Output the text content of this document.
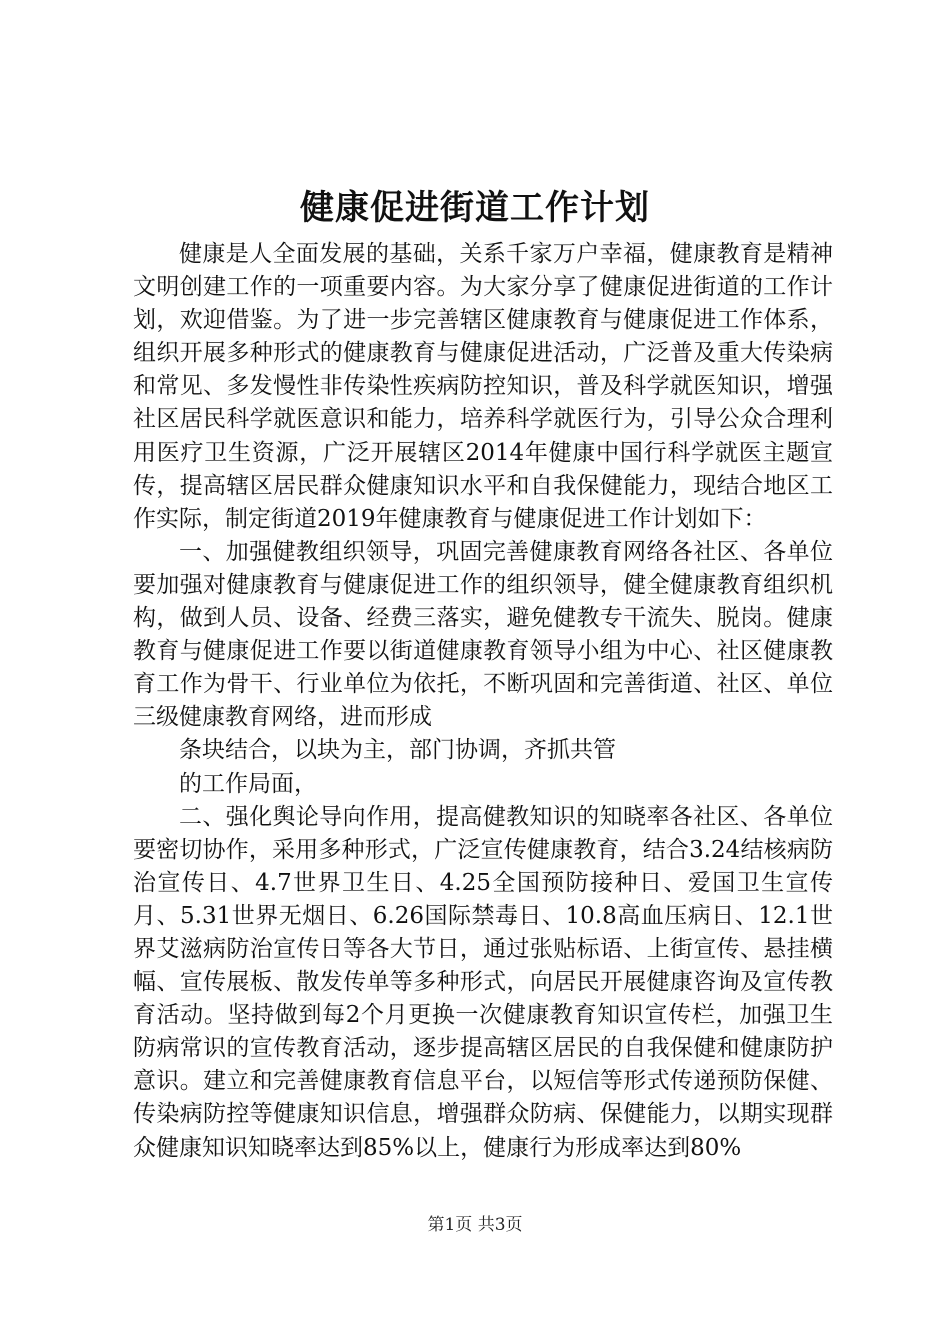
健康促进街道工作计划

健康是人全面发展的基础，关系千家万户幸福，健康教育是精神文明创建工作的一项重要内容。为大家分享了健康促进街道的工作计划，欢迎借鉴。为了进一步完善辖区健康教育与健康促进工作体系，组织开展多种形式的健康教育与健康促进活动，广泛普及重大传染病和常见、多发慢性非传染性疾病防控知识，普及科学就医知识，增强社区居民科学就医意识和能力，培养科学就医行为，引导公众合理利用医疗卫生资源，广泛开展辖区2014年健康中国行科学就医主题宣传，提高辖区居民群众健康知识水平和自我保健能力，现结合地区工作实际，制定街道2019年健康教育与健康促进工作计划如下：

一、加强健教组织领导，巩固完善健康教育网络各社区、各单位要加强对健康教育与健康促进工作的组织领导，健全健康教育组织机构，做到人员、设备、经费三落实，避免健教专干流失、脱岗。健康教育与健康促进工作要以街道健康教育领导小组为中心、社区健康教育工作为骨干、行业单位为依托，不断巩固和完善街道、社区、单位三级健康教育网络，进而形成

条块结合，以块为主，部门协调，齐抓共管

的工作局面，

二、强化舆论导向作用，提高健教知识的知晓率各社区、各单位要密切协作，采用多种形式，广泛宣传健康教育，结合3.24结核病防治宣传日、4.7世界卫生日、4.25全国预防接种日、爱国卫生宣传月、5.31世界无烟日、6.26国际禁毒日、10.8高血压病日、12.1世界艾滋病防治宣传日等各大节日，通过张贴标语、上街宣传、悬挂横幅、宣传展板、散发传单等多种形式，向居民开展健康咨询及宣传教育活动。坚持做到每2个月更换一次健康教育知识宣传栏，加强卫生防病常识的宣传教育活动，逐步提高辖区居民的自我保健和健康防护意识。建立和完善健康教育信息平台，以短信等形式传递预防保健、传染病防控等健康知识信息，增强群众防病、保健能力，以期实现群众健康知识知晓率达到85%以上，健康行为形成率达到80%

第1页 共3页
